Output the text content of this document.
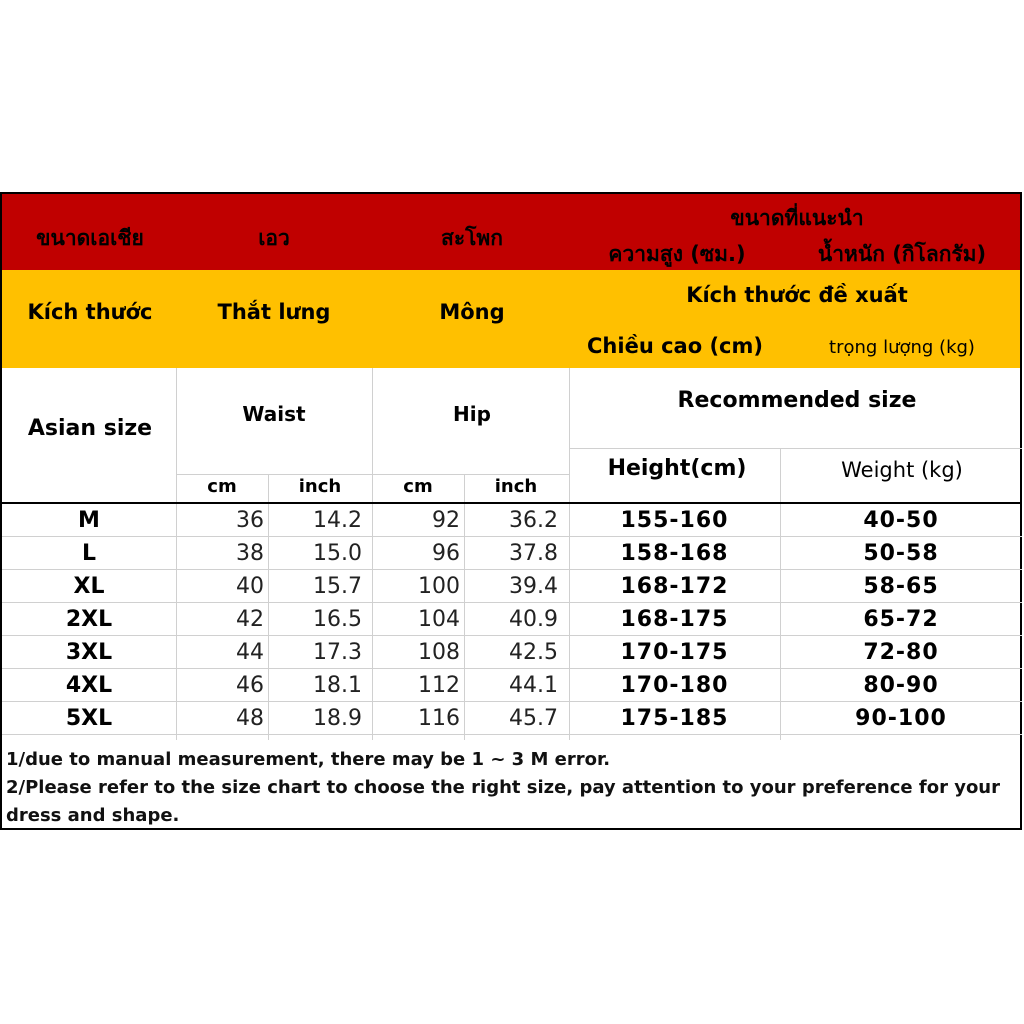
ขนาดเอเชีย	เอว	สะโพก
ขนาดที่แนะนำ
ความสูง (ซม.)	น้ำหนัก (กิโลกรัม)
Kích thước	Thắt lưng	Mông
Kích thước đề xuất
Chiều cao (cm)	trọng lượng (kg)
Asian size
Waist	Hip
Recommended size
Height(cm)	Weight (kg)
cm	inch	cm	inch
M	36	14.2	92	36.2	155-160	40-50
L	38	15.0	96	37.8	158-168	50-58
XL	40	15.7	100	39.4	168-172	58-65
2XL	42	16.5	104	40.9	168-175	65-72
3XL	44	17.3	108	42.5	170-175	72-80
4XL	46	18.1	112	44.1	170-180	80-90
5XL	48	18.9	116	45.7	175-185	90-100
1/due to manual measurement, there may be 1 ~ 3 M error.
2/Please refer to the size chart to choose the right size, pay attention to your preference for your dress and shape.
